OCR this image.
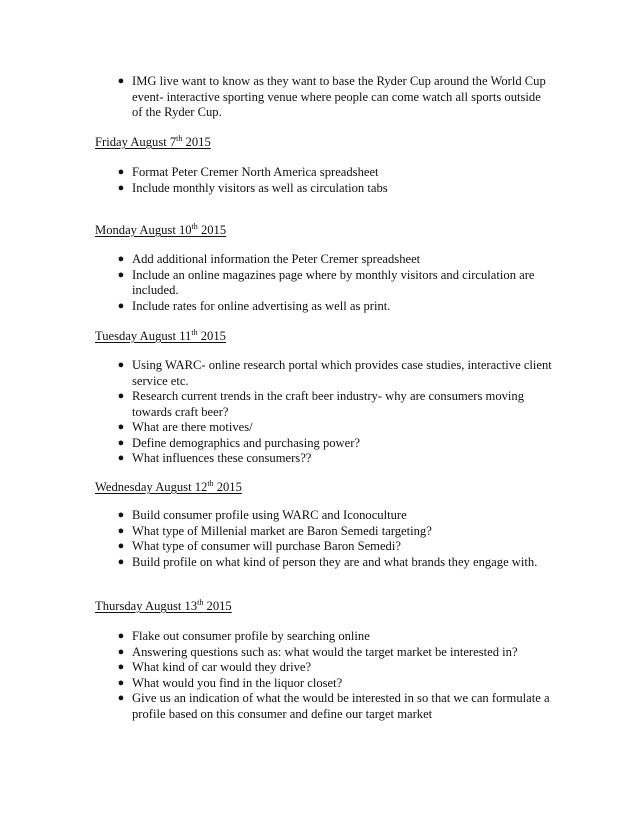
● IMG live want to know as they want to base the Ryder Cup around the World Cup event- interactive sporting venue where people can come watch all sports outside of the Ryder Cup.
Friday August 7th 2015
● Format Peter Cremer North America spreadsheet
● Include monthly visitors as well as circulation tabs
Monday August 10th 2015
● Add additional information the Peter Cremer spreadsheet
● Include an online magazines page where by monthly visitors and circulation are included.
● Include rates for online advertising as well as print.
Tuesday August 11th 2015
● Using WARC- online research portal which provides case studies, interactive client service etc.
● Research current trends in the craft beer industry- why are consumers moving towards craft beer?
● What are there motives/
● Define demographics and purchasing power?
● What influences these consumers??
Wednesday August 12th 2015
● Build consumer profile using WARC and Iconoculture
● What type of Millenial market are Baron Semedi targeting?
● What type of consumer will purchase Baron Semedi?
● Build profile on what kind of person they are and what brands they engage with.
Thursday August 13th 2015
● Flake out consumer profile by searching online
● Answering questions such as: what would the target market be interested in?
● What kind of car would they drive?
● What would you find in the liquor closet?
● Give us an indication of what the would be interested in so that we can formulate a profile based on this consumer and define our target market
